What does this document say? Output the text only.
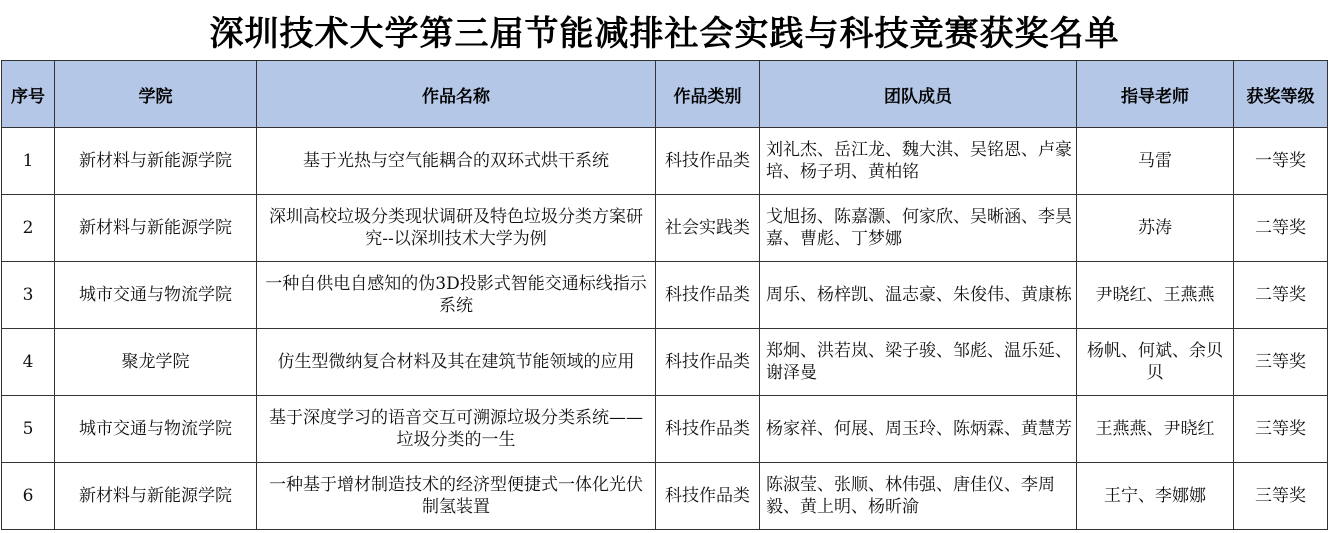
深圳技术大学第三届节能减排社会实践与科技竞赛获奖名单
序号	学院	作品名称	作品类别	团队成员	指导老师	获奖等级
1	新材料与新能源学院	基于光热与空气能耦合的双环式烘干系统	科技作品类	刘礼杰、岳江龙、魏大淇、吴铭恩、卢豪培、杨子玥、黄柏铭	马雷	一等奖
2	新材料与新能源学院	深圳高校垃圾分类现状调研及特色垃圾分类方案研究--以深圳技术大学为例	社会实践类	戈旭扬、陈嘉灏、何家欣、吴晰涵、李昊嘉、曹彪、丁梦娜	苏涛	二等奖
3	城市交通与物流学院	一种自供电自感知的伪3D投影式智能交通标线指示系统	科技作品类	周乐、杨梓凯、温志豪、朱俊伟、黄康栋	尹晓红、王燕燕	二等奖
4	聚龙学院	仿生型微纳复合材料及其在建筑节能领域的应用	科技作品类	郑炯、洪若岚、梁子骏、邹彪、温乐延、谢泽曼	杨帆、何斌、余贝贝	三等奖
5	城市交通与物流学院	基于深度学习的语音交互可溯源垃圾分类系统——垃圾分类的一生	科技作品类	杨家祥、何展、周玉玲、陈炳霖、黄慧芳	王燕燕、尹晓红	三等奖
6	新材料与新能源学院	一种基于增材制造技术的经济型便捷式一体化光伏制氢装置	科技作品类	陈淑莹、张顺、林伟强、唐佳仪、李周毅、黄上明、杨昕渝	王宁、李娜娜	三等奖
